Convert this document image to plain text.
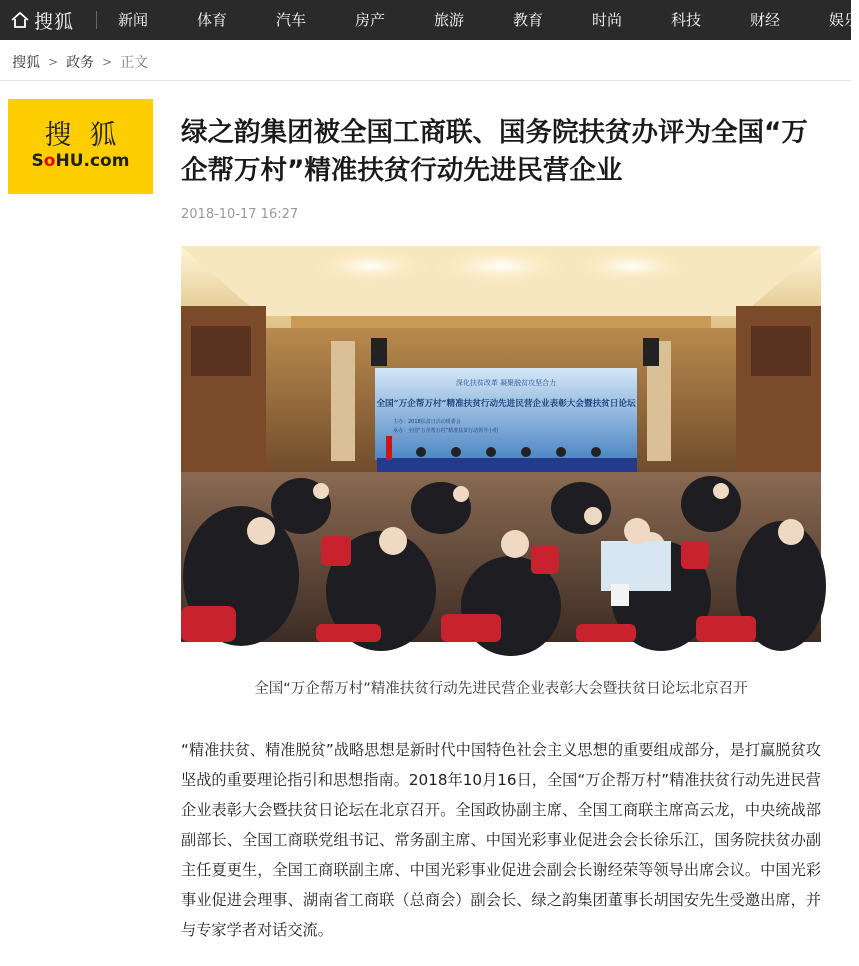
搜狐	新闻	体育	汽车	房产	旅游	教育	时尚	科技	财经	娱乐
搜狐 > 政务 > 正文
搜狐
SoHU.com
绿之韵集团被全国工商联、国务院扶贫办评为全国“万企帮万村”精准扶贫行动先进民营企业
2018-10-17 16:27
深化扶贫改革 凝聚脱贫攻坚合力
全国“万企帮万村”精准扶贫行动先进民营企业表彰大会暨扶贫日论坛
主办：2018扶贫日活动组委会
承办：全国“万企帮万村”精准扶贫行动领导小组
全国“万企帮万村”精准扶贫行动先进民营企业表彰大会暨扶贫日论坛北京召开

“精准扶贫、精准脱贫”战略思想是新时代中国特色社会主义思想的重要组成部分，是打赢脱贫攻坚战的重要理论指引和思想指南。2018年10月16日，全国“万企帮万村”精准扶贫行动先进民营企业表彰大会暨扶贫日论坛在北京召开。全国政协副主席、全国工商联主席高云龙，中央统战部副部长、全国工商联党组书记、常务副主席、中国光彩事业促进会会长徐乐江，国务院扶贫办副主任夏更生，全国工商联副主席、中国光彩事业促进会副会长谢经荣等领导出席会议。中国光彩事业促进会理事、湖南省工商联（总商会）副会长、绿之韵集团董事长胡国安先生受邀出席，并与专家学者对话交流。
